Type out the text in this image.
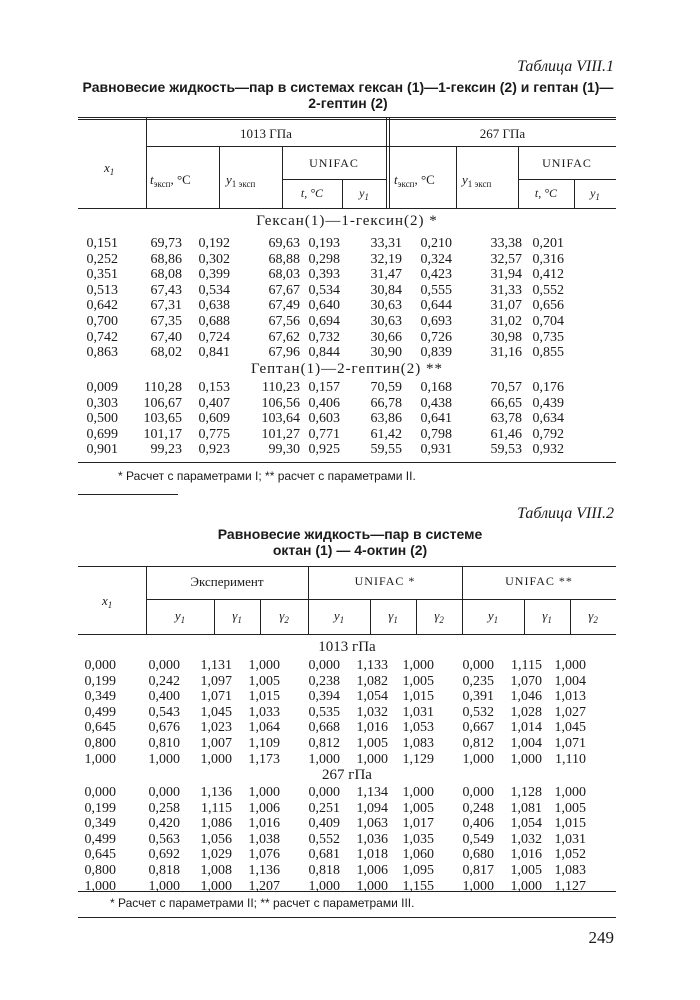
Таблица VIII.1
Равновесие жидкость—пар в системах гексан (1)—1-гексин (2) и гептан (1)—
2-гептин (2)
$x_1$
1013 ГПа	267 ГПа
$t_{эксп}$, °С	$y_{1 эксп}$
UNIFAC
t, °С	$y_1$
$t_{эксп}$, °С	$y_{1 эксп}$
UNIFAC
t, °С	$y_1$
Гексан(1)—1-гексин(2) *
0,151	69,73	0,192	69,63	0,193	33,31	0,210	33,38	0,201
0,252	68,86	0,302	68,88	0,298	32,19	0,324	32,57	0,316
0,351	68,08	0,399	68,03	0,393	31,47	0,423	31,94	0,412
0,513	67,43	0,534	67,67	0,534	30,84	0,555	31,33	0,552
0,642	67,31	0,638	67,49	0,640	30,63	0,644	31,07	0,656
0,700	67,35	0,688	67,56	0,694	30,63	0,693	31,02	0,704
0,742	67,40	0,724	67,62	0,732	30,66	0,726	30,98	0,735
0,863	68,02	0,841	67,96	0,844	30,90	0,839	31,16	0,855
Гептан(1)—2-гептин(2) **
0,009	110,28	0,153	110,23	0,157	70,59	0,168	70,57	0,176
0,303	106,67	0,407	106,56	0,406	66,78	0,438	66,65	0,439
0,500	103,65	0,609	103,64	0,603	63,86	0,641	63,78	0,634
0,699	101,17	0,775	101,27	0,771	61,42	0,798	61,46	0,792
0,901	99,23	0,923	99,30	0,925	59,55	0,931	59,53	0,932
* Расчет с параметрами I; ** расчет с параметрами II.
Таблица VIII.2
Равновесие жидкость—пар в системе
октан (1) — 4-октин (2)
$x_1$
Эксперимент	UNIFAC *	UNIFAC **
$y_1$	$\gamma_1$	$\gamma_2$	$y_1$	$\gamma_1$	$\gamma_2$	$y_1$	$\gamma_1$	$\gamma_2$
1013 гПа
0,000	0,000	1,131	1,000	0,000	1,133	1,000	0,000	1,115	1,000
0,199	0,242	1,097	1,005	0,238	1,082	1,005	0,235	1,070	1,004
0,349	0,400	1,071	1,015	0,394	1,054	1,015	0,391	1,046	1,013
0,499	0,543	1,045	1,033	0,535	1,032	1,031	0,532	1,028	1,027
0,645	0,676	1,023	1,064	0,668	1,016	1,053	0,667	1,014	1,045
0,800	0,810	1,007	1,109	0,812	1,005	1,083	0,812	1,004	1,071
1,000	1,000	1,000	1,173	1,000	1,000	1,129	1,000	1,000	1,110
267 гПа
0,000	0,000	1,136	1,000	0,000	1,134	1,000	0,000	1,128	1,000
0,199	0,258	1,115	1,006	0,251	1,094	1,005	0,248	1,081	1,005
0,349	0,420	1,086	1,016	0,409	1,063	1,017	0,406	1,054	1,015
0,499	0,563	1,056	1,038	0,552	1,036	1,035	0,549	1,032	1,031
0,645	0,692	1,029	1,076	0,681	1,018	1,060	0,680	1,016	1,052
0,800	0,818	1,008	1,136	0,818	1,006	1,095	0,817	1,005	1,083
1,000	1,000	1,000	1,207	1,000	1,000	1,155	1,000	1,000	1,127
* Расчет с параметрами II; ** расчет с параметрами III.
249
